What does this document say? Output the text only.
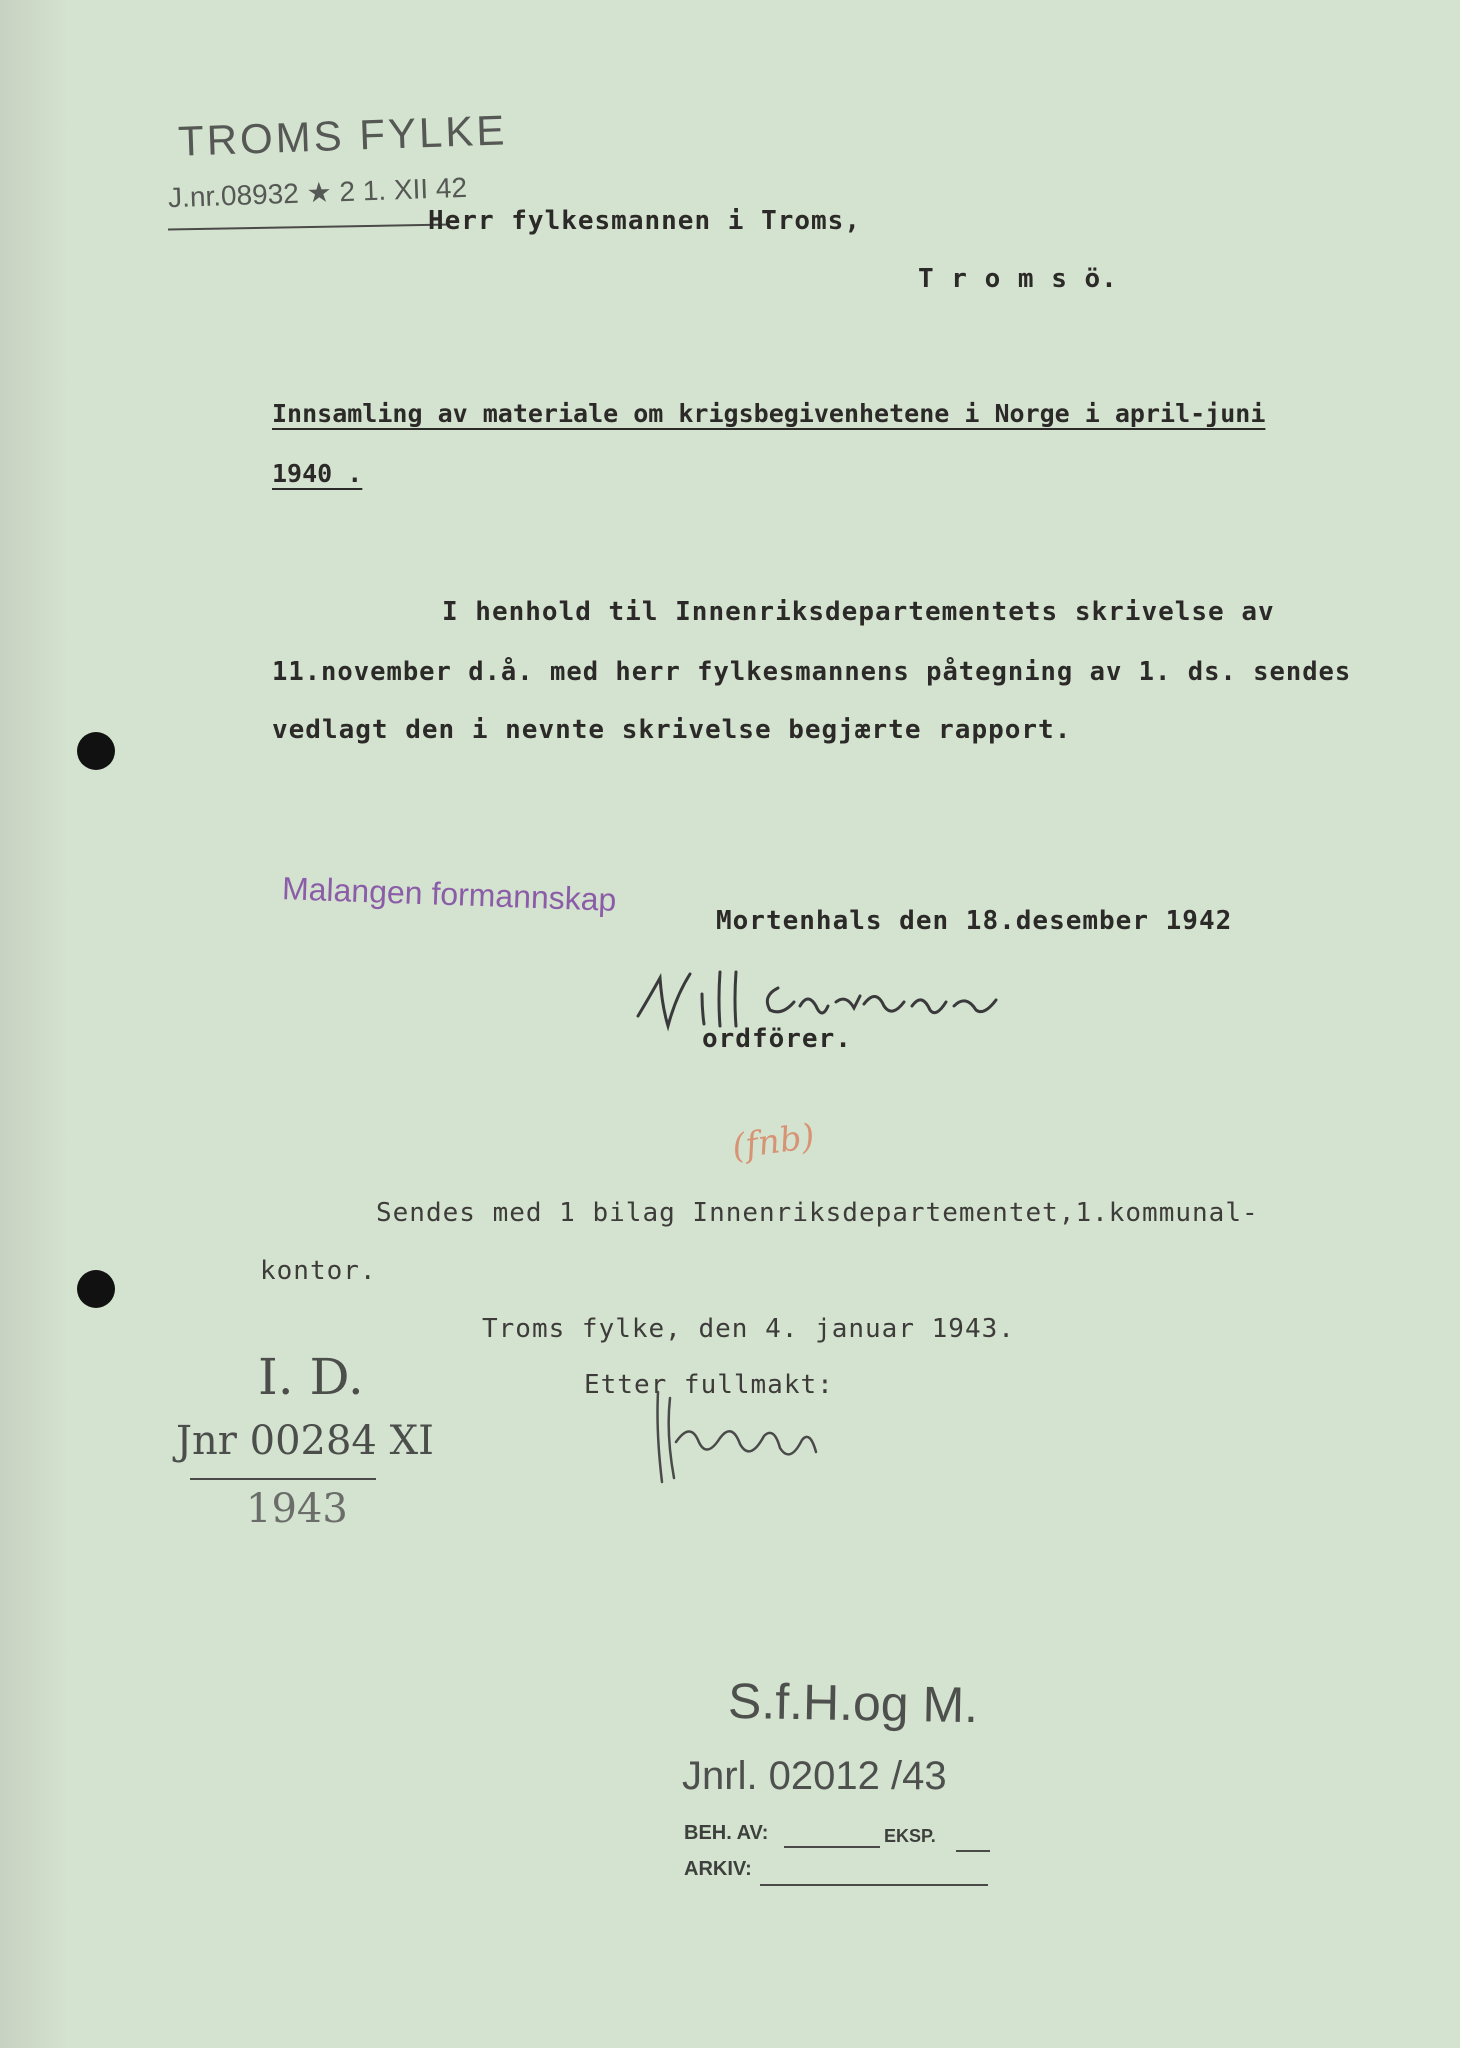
TROMS FYLKE
J.nr.08932 ★ 2 1. XII 42
Herr fylkesmannen i Troms,
T r o m s ö.
Innsamling av materiale om krigsbegivenhetene i Norge i april-juni
1940 .
I henhold til Innenriksdepartementets skrivelse av
11.november d.å. med herr fylkesmannens påtegning av 1. ds. sendes
vedlagt den i nevnte skrivelse begjærte rapport.
Malangen formannskap
Mortenhals den 18.desember 1942
ordförer.
(fnb)
Sendes med 1 bilag Innenriksdepartementet,1.kommunal-
kontor.
Troms fylke, den 4. januar 1943.
Etter fullmakt:
I. D.
Jnr 00284 XI
1943
S.f.H.og M.
Jnrl. 02012 /43
BEH. AV:	EKSP.
ARKIV:
